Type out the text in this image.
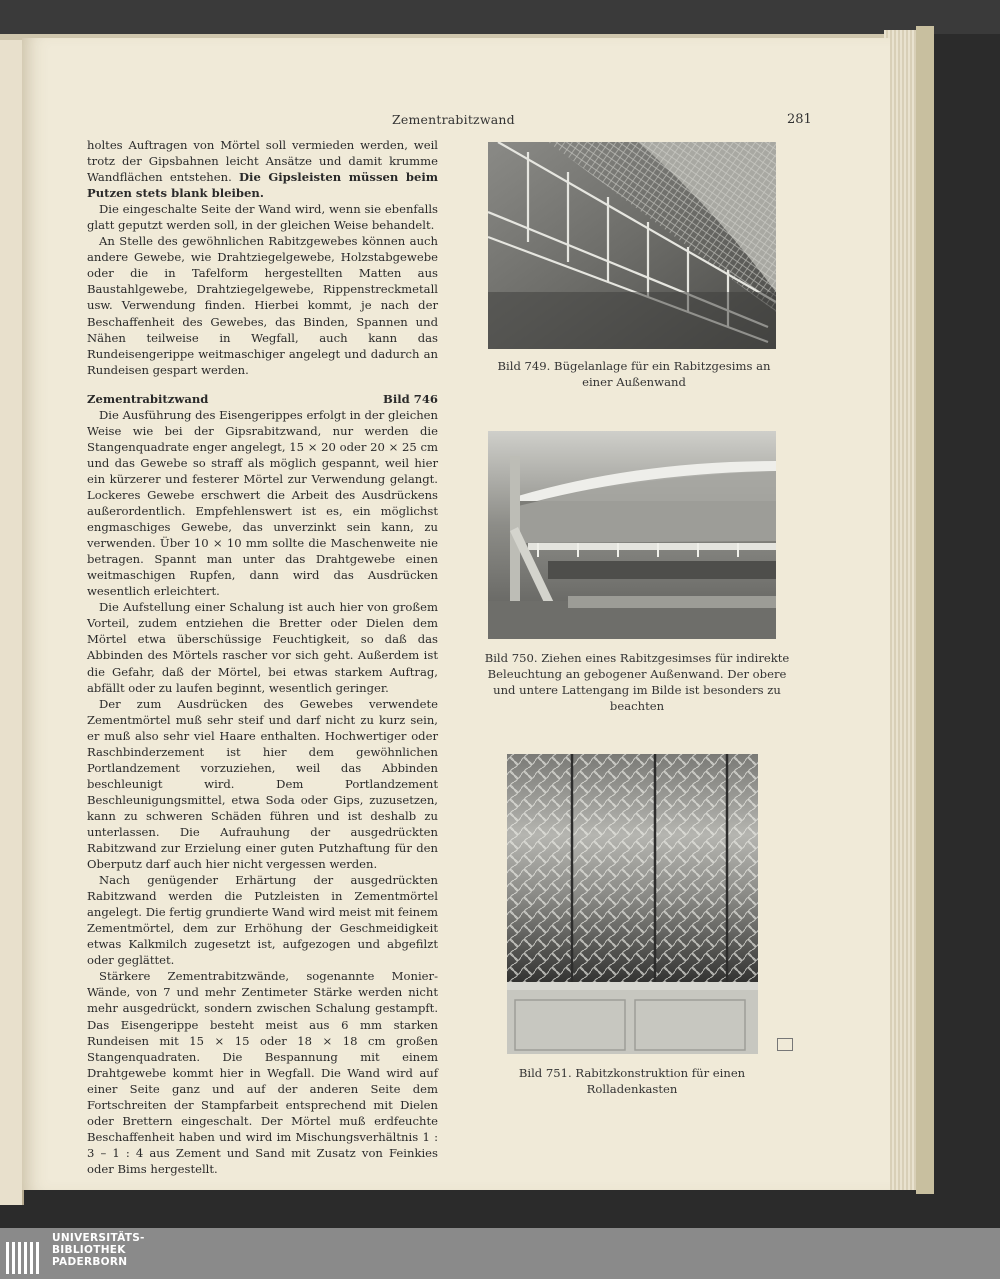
Zementrabitzwand	281

holtes Auftragen von Mörtel soll vermieden werden, weil trotz der Gipsbahnen leicht Ansätze und damit krumme Wandflächen entstehen. Die Gipsleisten müssen beim Putzen stets blank bleiben.

Die eingeschalte Seite der Wand wird, wenn sie ebenfalls glatt geputzt werden soll, in der gleichen Weise behandelt.

An Stelle des gewöhnlichen Rabitzgewebes können auch andere Gewebe, wie Drahtziegelgewebe, Holzstabgewebe oder die in Tafelform hergestellten Matten aus Baustahlgewebe, Drahtziegelgewebe, Rippenstreckmetall usw. Verwendung finden. Hierbei kommt, je nach der Beschaffenheit des Gewebes, das Binden, Spannen und Nähen teilweise in Wegfall, auch kann das Rundeisengerippe weitmaschiger angelegt und dadurch an Rundeisen gespart werden.

Zementrabitzwand	Bild 746

Die Ausführung des Eisengerippes erfolgt in der gleichen Weise wie bei der Gipsrabitzwand, nur werden die Stangenquadrate enger angelegt, 15 × 20 oder 20 × 25 cm und das Gewebe so straff als möglich gespannt, weil hier ein kürzerer und festerer Mörtel zur Verwendung gelangt. Lockeres Gewebe erschwert die Arbeit des Ausdrückens außerordentlich. Empfehlenswert ist es, ein möglichst engmaschiges Gewebe, das unverzinkt sein kann, zu verwenden. Über 10 × 10 mm sollte die Maschenweite nie betragen. Spannt man unter das Drahtgewebe einen weitmaschigen Rupfen, dann wird das Ausdrücken wesentlich erleichtert.

Die Aufstellung einer Schalung ist auch hier von großem Vorteil, zudem entziehen die Bretter oder Dielen dem Mörtel etwa überschüssige Feuchtigkeit, so daß das Abbinden des Mörtels rascher vor sich geht. Außerdem ist die Gefahr, daß der Mörtel, bei etwas starkem Auftrag, abfällt oder zu laufen beginnt, wesentlich geringer.

Der zum Ausdrücken des Gewebes verwendete Zementmörtel muß sehr steif und darf nicht zu kurz sein, er muß also sehr viel Haare enthalten. Hochwertiger oder Raschbinderzement ist hier dem gewöhnlichen Portlandzement vorzuziehen, weil das Abbinden beschleunigt wird. Dem Portlandzement Beschleunigungsmittel, etwa Soda oder Gips, zuzusetzen, kann zu schweren Schäden führen und ist deshalb zu unterlassen. Die Aufrauhung der ausgedrückten Rabitzwand zur Erzielung einer guten Putzhaftung für den Oberputz darf auch hier nicht vergessen werden.

Nach genügender Erhärtung der ausgedrückten Rabitzwand werden die Putzleisten in Zementmörtel angelegt. Die fertig grundierte Wand wird meist mit feinem Zementmörtel, dem zur Erhöhung der Geschmeidigkeit etwas Kalkmilch zugesetzt ist, aufgezogen und abgefilzt oder geglättet.

Stärkere Zementrabitzwände, sogenannte Monier-Wände, von 7 und mehr Zentimeter Stärke werden nicht mehr ausgedrückt, sondern zwischen Schalung gestampft. Das Eisengerippe besteht meist aus 6 mm starken Rundeisen mit 15 × 15 oder 18 × 18 cm großen Stangenquadraten. Die Bespannung mit einem Drahtgewebe kommt hier in Wegfall. Die Wand wird auf einer Seite ganz und auf der anderen Seite dem Fortschreiten der Stampfarbeit entsprechend mit Dielen oder Brettern eingeschalt. Der Mörtel muß erdfeuchte Beschaffenheit haben und wird im Mischungsverhältnis 1 : 3 – 1 : 4 aus Zement und Sand mit Zusatz von Feinkies oder Bims hergestellt.

Bild 749. Bügelanlage für ein Rabitzgesims an einer Außenwand
Bild 750. Ziehen eines Rabitzgesimses für indirekte Beleuchtung an gebogener Außenwand. Der obere und untere Lattengang im Bilde ist besonders zu beachten
Bild 751. Rabitzkonstruktion für einen Rolladenkasten
UNIVERSITÄTS-
BIBLIOTHEK
PADERBORN
